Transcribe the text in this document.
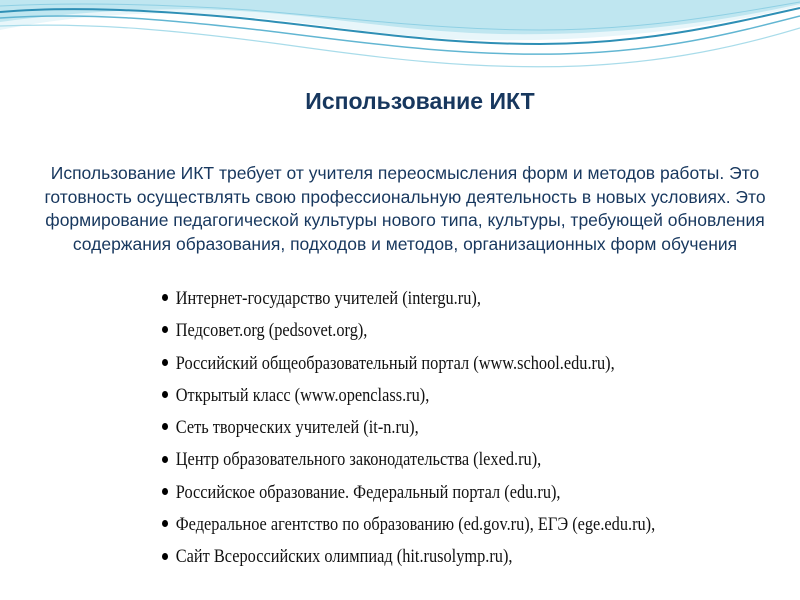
Использование ИКТ
Использование ИКТ требует от учителя переосмысления форм и методов работы. Это готовность осуществлять свою профессиональную деятельность в новых условиях. Это формирование педагогической культуры нового типа, культуры, требующей обновления содержания образования, подходов и методов, организационных форм обучения
Интернет-государство учителей (intergu.ru),
Педсовет.org (pedsovet.org),
Российский общеобразовательный портал (www.school.edu.ru),
Открытый класс (www.openclass.ru),
Сеть творческих учителей (it-n.ru),
Центр образовательного законодательства (lexed.ru),
Российское образование. Федеральный портал (edu.ru),
Федеральное агентство по образованию (ed.gov.ru), ЕГЭ (ege.edu.ru),
Сайт Всероссийских олимпиад (hit.rusolymp.ru),
